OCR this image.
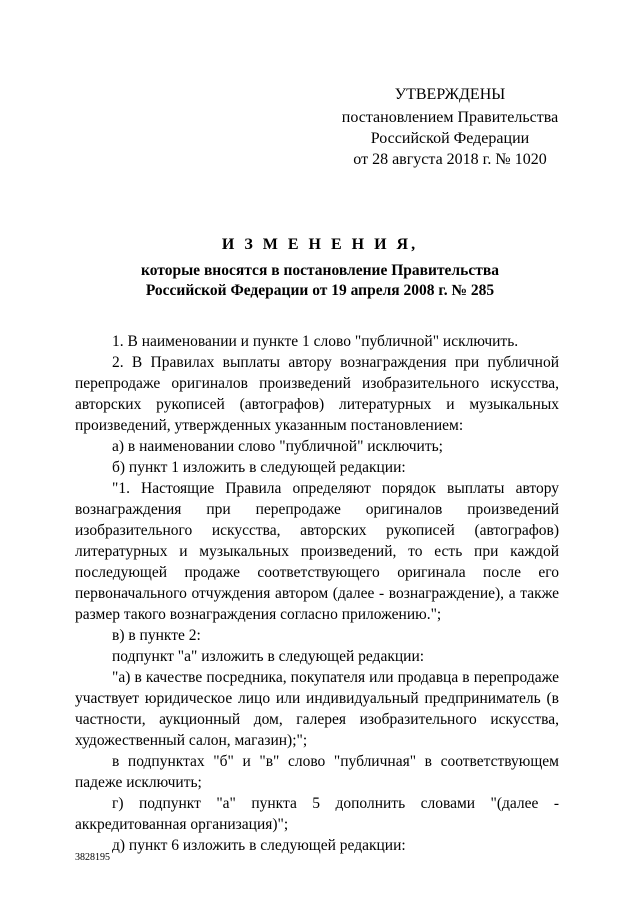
УТВЕРЖДЕНЫ
постановлением Правительства
Российской Федерации
от 28 августа 2018 г. № 1020
И З М Е Н Е Н И Я,
которые вносятся в постановление Правительства
Российской Федерации от 19 апреля 2008 г. № 285

1. В наименовании и пункте 1 слово "публичной" исключить.

2. В Правилах выплаты автору вознаграждения при публичной перепродаже оригиналов произведений изобразительного искусства, авторских рукописей (автографов) литературных и музыкальных произведений, утвержденных указанным постановлением:

а) в наименовании слово "публичной" исключить;

б) пункт 1 изложить в следующей редакции:

"1. Настоящие Правила определяют порядок выплаты автору вознаграждения при перепродаже оригиналов произведений изобразительного искусства, авторских рукописей (автографов) литературных и музыкальных произведений, то есть при каждой последующей продаже соответствующего оригинала после его первоначального отчуждения автором (далее - вознаграждение), а также размер такого вознаграждения согласно приложению.";

в) в пункте 2:

подпункт "а" изложить в следующей редакции:

"а) в качестве посредника, покупателя или продавца в перепродаже участвует юридическое лицо или индивидуальный предприниматель (в частности, аукционный дом, галерея изобразительного искусства, художественный салон, магазин);";

в подпунктах "б" и "в" слово "публичная" в соответствующем падеже исключить;

г) подпункт "а" пункта 5 дополнить словами "(далее - аккредитованная организация)";

д) пункт 6 изложить в следующей редакции:

3828195
